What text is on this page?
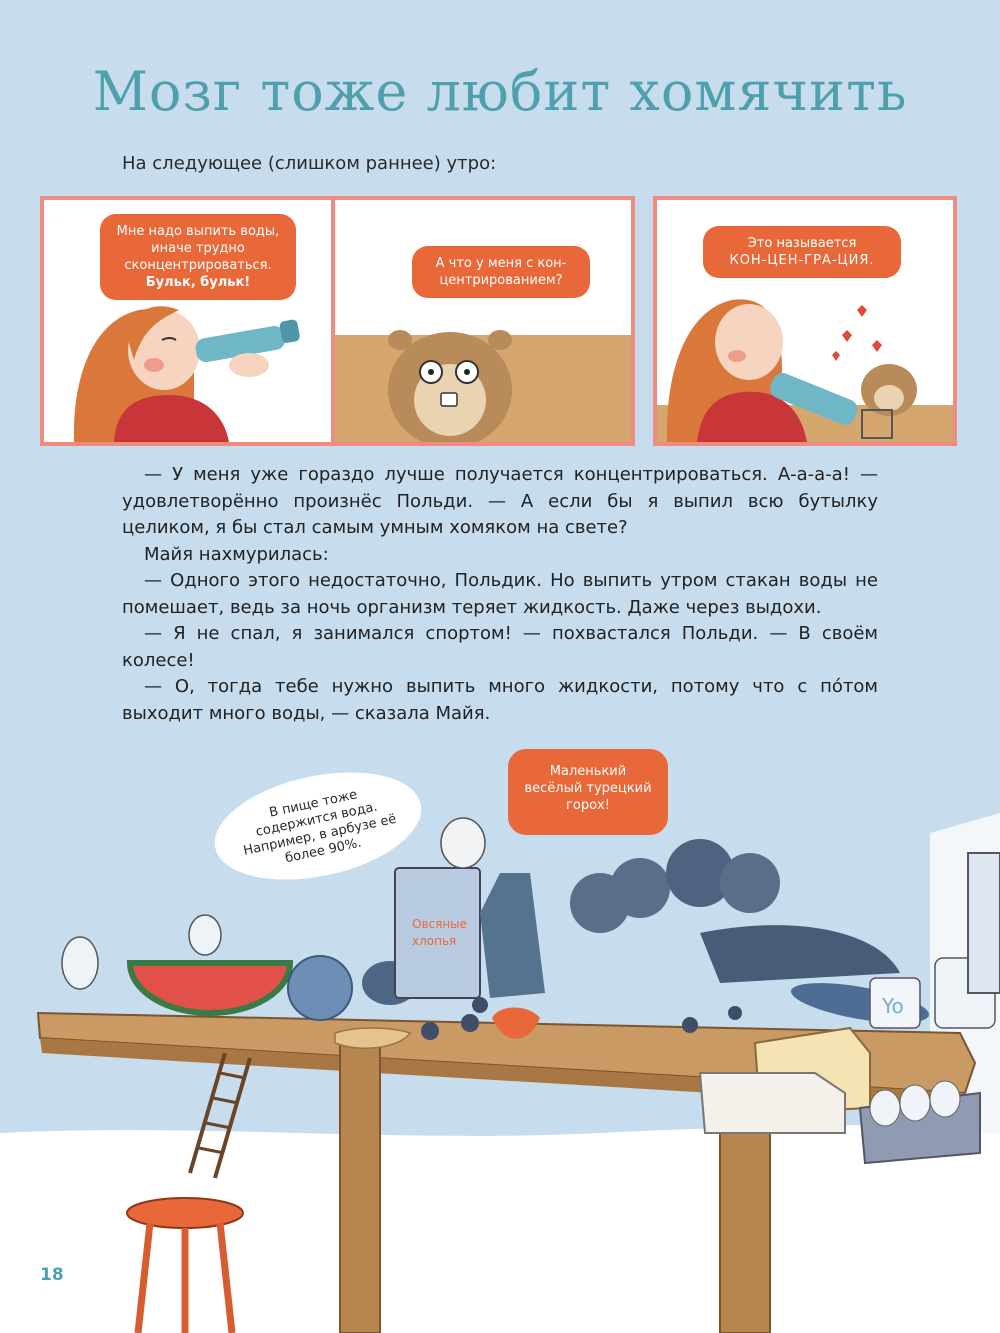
Мозг тоже любит хомячить
На следующее (слишком раннее) утро:
Мне надо выпить воды, иначе трудно сконцентрироваться.
Бульк, бульк!
А что у меня с кон-центрированием?
Это называется
КОН-ЦЕН-ГРА-ЦИЯ.

— У меня уже гораздо лучше получается концентрироваться. А-а-а-а! — удовлетворённо произнёс Польди. — А если бы я выпил всю бутылку целиком, я бы стал самым умным хомяком на свете?

Майя нахмурилась:

— Одного этого недостаточно, Польдик. Но выпить утром стакан воды не помешает, ведь за ночь организм теряет жидкость. Даже через выдохи.

— Я не спал, я занимался спортом! — похвастался Польди. — В своём колесе!

— О, тогда тебе нужно выпить много жидкости, потому что с пóтом выходит много воды, — сказала Майя.

Овсяные
хлопья
Yo
В пище тоже содержится вода. Например, в арбузе её более 90%.
Маленький весёлый турецкий горох!
18
